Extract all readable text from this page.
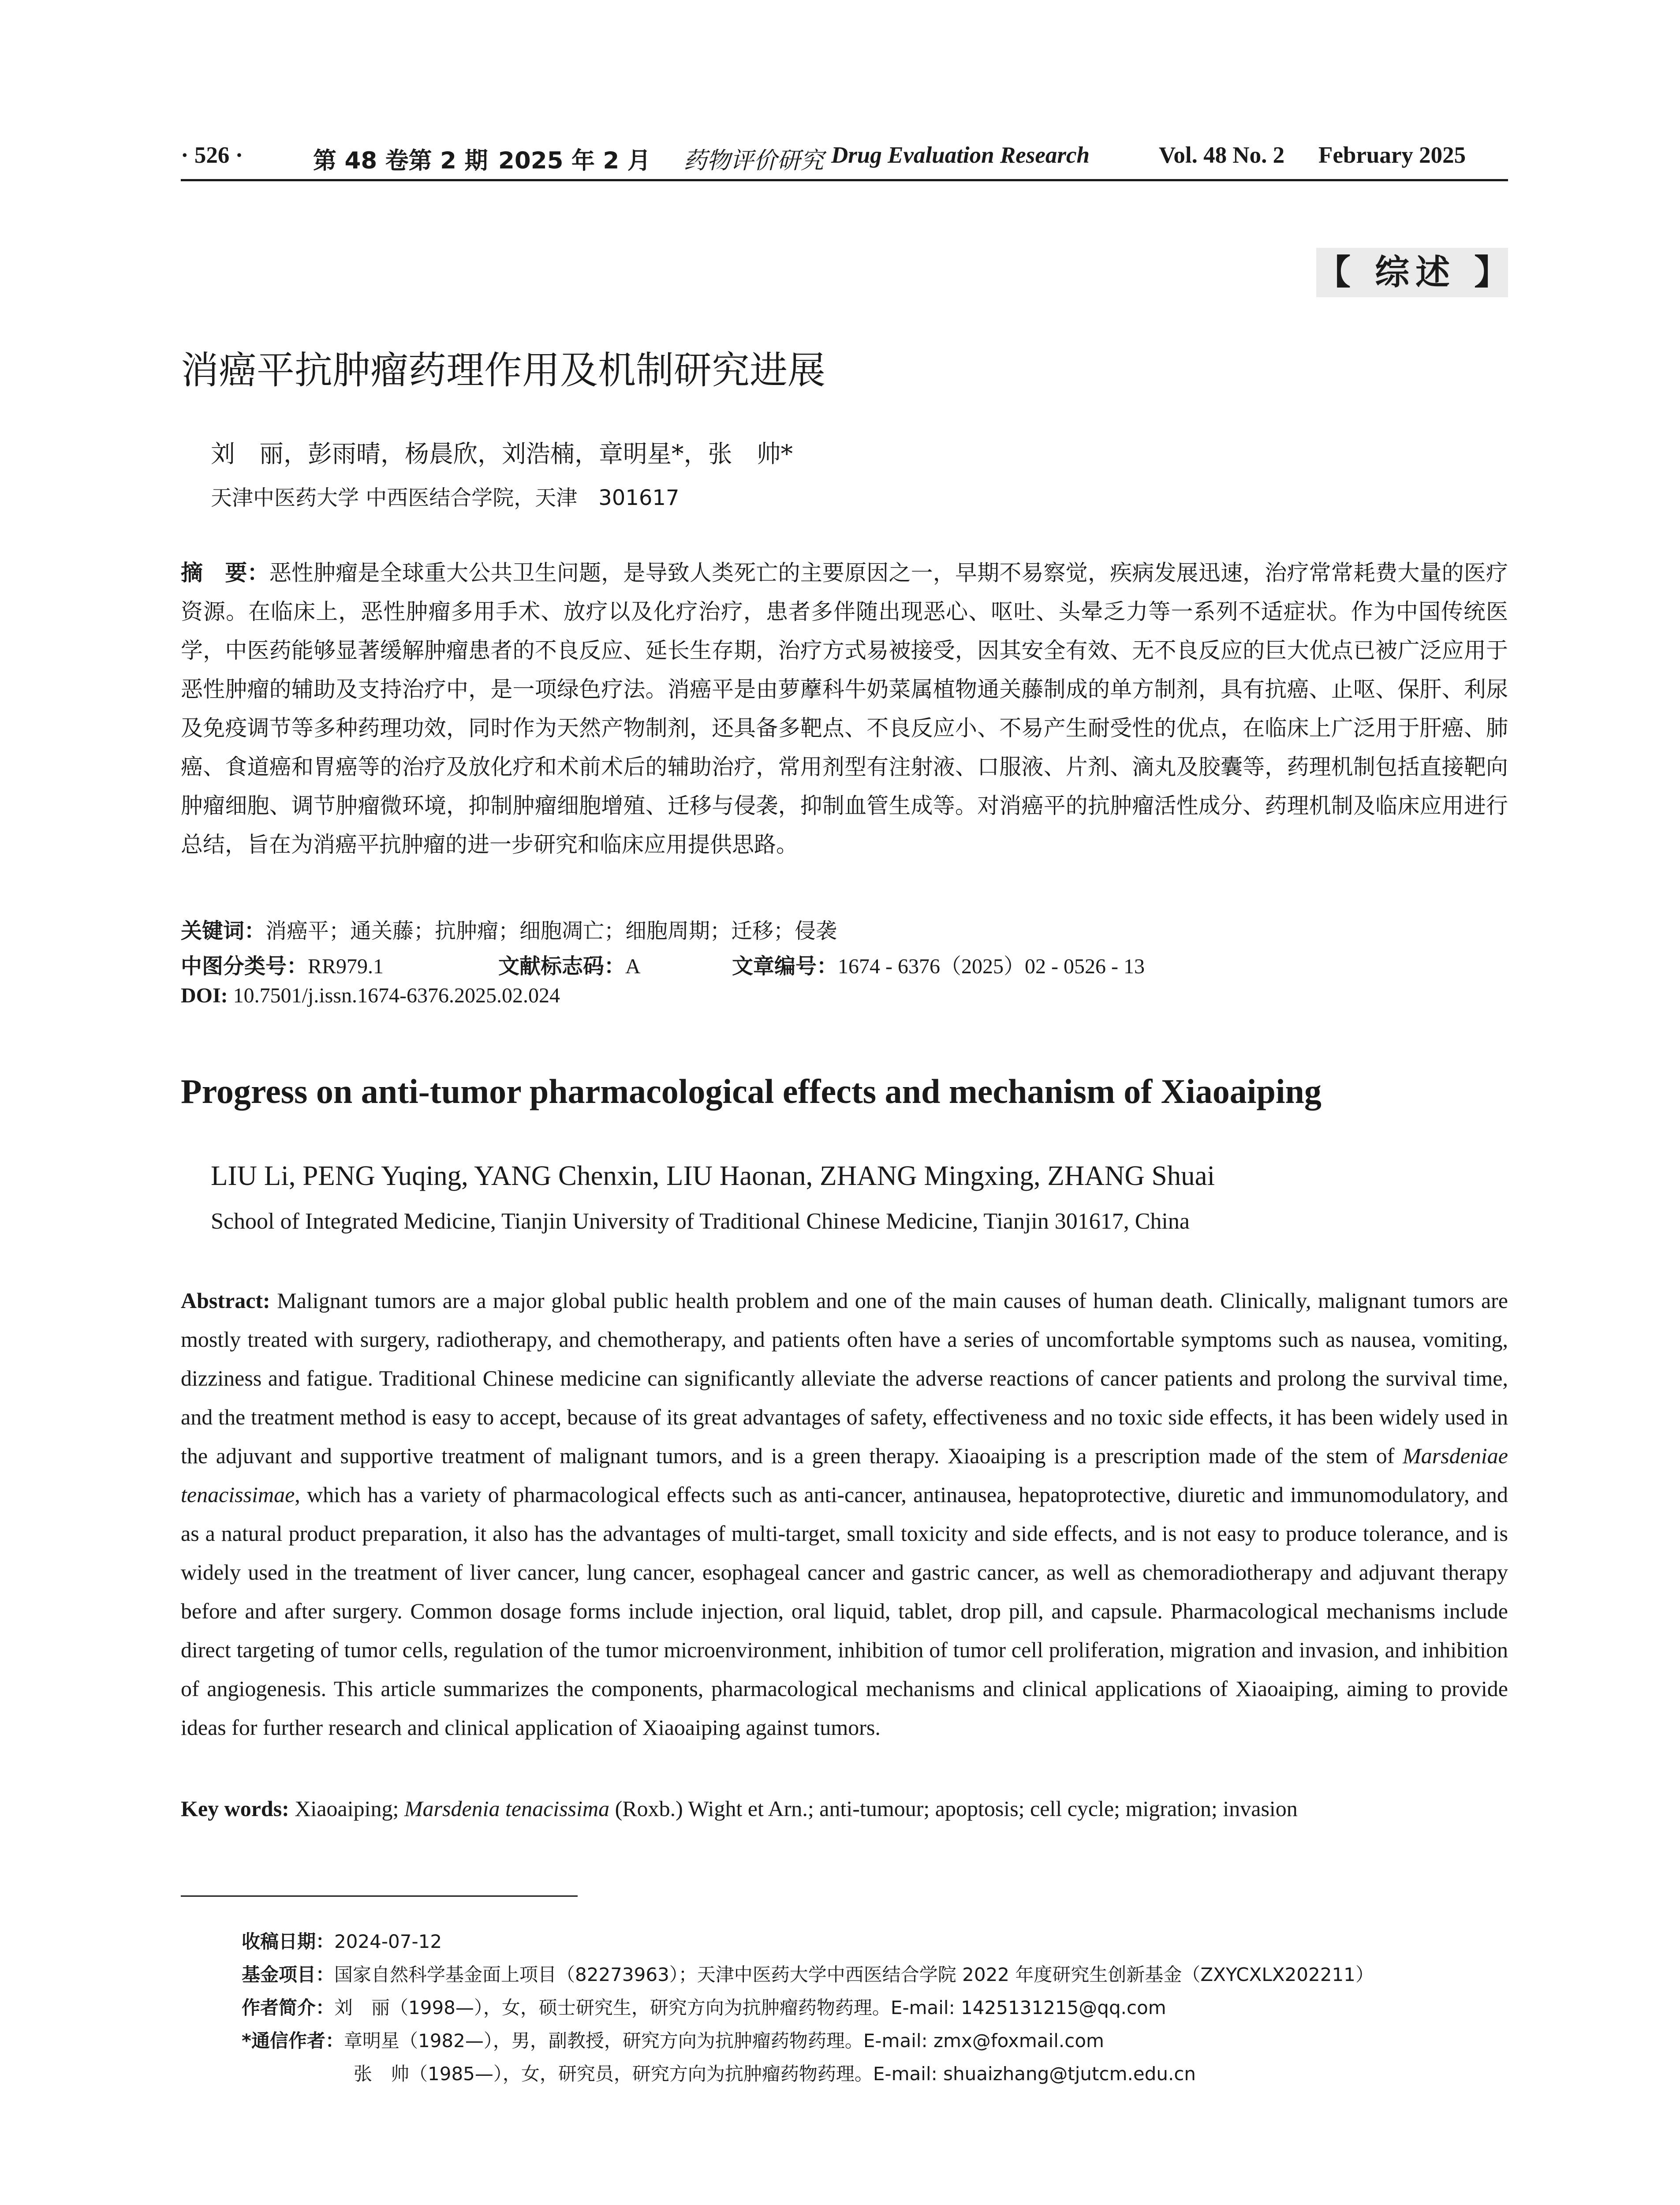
· 526 ·	第 48 卷第 2 期 2025 年 2 月 药物评价研究 Drug Evaluation Research	Vol. 48 No. 2 February 2025
【 综述 】
消癌平抗肿瘤药理作用及机制研究进展
刘　丽，彭雨晴，杨晨欣，刘浩楠，章明星*，张　帅*
天津中医药大学 中西医结合学院，天津　301617

摘　要：恶性肿瘤是全球重大公共卫生问题，是导致人类死亡的主要原因之一，早期不易察觉，疾病发展迅速，治疗常常耗费大量的医疗资源。在临床上，恶性肿瘤多用手术、放疗以及化疗治疗，患者多伴随出现恶心、呕吐、头晕乏力等一系列不适症状。作为中国传统医学，中医药能够显著缓解肿瘤患者的不良反应、延长生存期，治疗方式易被接受，因其安全有效、无不良反应的巨大优点已被广泛应用于恶性肿瘤的辅助及支持治疗中，是一项绿色疗法。消癌平是由萝藦科牛奶菜属植物通关藤制成的单方制剂，具有抗癌、止呕、保肝、利尿及免疫调节等多种药理功效，同时作为天然产物制剂，还具备多靶点、不良反应小、不易产生耐受性的优点，在临床上广泛用于肝癌、肺癌、食道癌和胃癌等的治疗及放化疗和术前术后的辅助治疗，常用剂型有注射液、口服液、片剂、滴丸及胶囊等，药理机制包括直接靶向肿瘤细胞、调节肿瘤微环境，抑制肿瘤细胞增殖、迁移与侵袭，抑制血管生成等。对消癌平的抗肿瘤活性成分、药理机制及临床应用进行总结，旨在为消癌平抗肿瘤的进一步研究和临床应用提供思路。

关键词：消癌平；通关藤；抗肿瘤；细胞凋亡；细胞周期；迁移；侵袭
中图分类号：RR979.1	文献标志码：A	文章编号：1674 - 6376（2025）02 - 0526 - 13
DOI: 10.7501/j.issn.1674-6376.2025.02.024
Progress on anti-tumor pharmacological effects and mechanism of Xiaoaiping
LIU Li, PENG Yuqing, YANG Chenxin, LIU Haonan, ZHANG Mingxing, ZHANG Shuai
School of Integrated Medicine, Tianjin University of Traditional Chinese Medicine, Tianjin 301617, China

Abstract: Malignant tumors are a major global public health problem and one of the main causes of human death. Clinically, malignant tumors are mostly treated with surgery, radiotherapy, and chemotherapy, and patients often have a series of uncomfortable symptoms such as nausea, vomiting, dizziness and fatigue. Traditional Chinese medicine can significantly alleviate the adverse reactions of cancer patients and prolong the survival time, and the treatment method is easy to accept, because of its great advantages of safety, effectiveness and no toxic side effects, it has been widely used in the adjuvant and supportive treatment of malignant tumors, and is a green therapy. Xiaoaiping is a prescription made of the stem of Marsdeniae tenacissimae, which has a variety of pharmacological effects such as anti-cancer, antinausea, hepatoprotective, diuretic and immunomodulatory, and as a natural product preparation, it also has the advantages of multi-target, small toxicity and side effects, and is not easy to produce tolerance, and is widely used in the treatment of liver cancer, lung cancer, esophageal cancer and gastric cancer, as well as chemoradiotherapy and adjuvant therapy before and after surgery. Common dosage forms include injection, oral liquid, tablet, drop pill, and capsule. Pharmacological mechanisms include direct targeting of tumor cells, regulation of the tumor microenvironment, inhibition of tumor cell proliferation, migration and invasion, and inhibition of angiogenesis. This article summarizes the components, pharmacological mechanisms and clinical applications of Xiaoaiping, aiming to provide ideas for further research and clinical application of Xiaoaiping against tumors.

Key words: Xiaoaiping; Marsdenia tenacissima (Roxb.) Wight et Arn.; anti-tumour; apoptosis; cell cycle; migration; invasion
收稿日期：2024-07-12
基金项目：国家自然科学基金面上项目（82273963）；天津中医药大学中西医结合学院 2022 年度研究生创新基金（ZXYCXLX202211）
作者简介：刘　丽（1998—），女，硕士研究生，研究方向为抗肿瘤药物药理。E-mail: 1425131215@qq.com
*通信作者：章明星（1982—），男，副教授，研究方向为抗肿瘤药物药理。E-mail: zmx@foxmail.com
张　帅（1985—），女，研究员，研究方向为抗肿瘤药物药理。E-mail: shuaizhang@tjutcm.edu.cn
